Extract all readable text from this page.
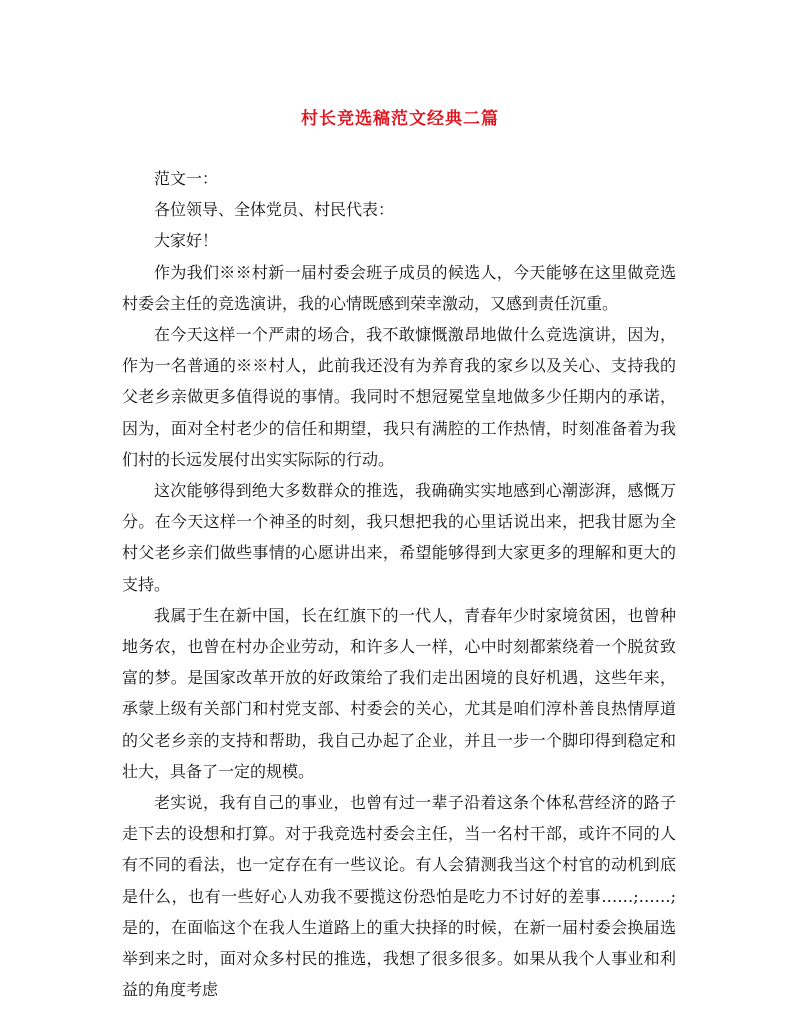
村长竞选稿范文经典二篇

范文一：

各位领导、全体党员、村民代表：

大家好！

作为我们※※村新一届村委会班子成员的候选人，今天能够在这里做竞选村委会主任的竞选演讲，我的心情既感到荣幸激动，又感到责任沉重。

在今天这样一个严肃的场合，我不敢慷慨激昂地做什么竞选演讲，因为，作为一名普通的※※村人，此前我还没有为养育我的家乡以及关心、支持我的父老乡亲做更多值得说的事情。我同时不想冠冕堂皇地做多少任期内的承诺，因为，面对全村老少的信任和期望，我只有满腔的工作热情，时刻准备着为我们村的长远发展付出实实际际的行动。

这次能够得到绝大多数群众的推选，我确确实实地感到心潮澎湃，感慨万分。在今天这样一个神圣的时刻，我只想把我的心里话说出来，把我甘愿为全村父老乡亲们做些事情的心愿讲出来，希望能够得到大家更多的理解和更大的支持。

我属于生在新中国，长在红旗下的一代人，青春年少时家境贫困，也曾种地务农，也曾在村办企业劳动，和许多人一样，心中时刻都萦绕着一个脱贫致富的梦。是国家改革开放的好政策给了我们走出困境的良好机遇，这些年来，承蒙上级有关部门和村党支部、村委会的关心，尤其是咱们淳朴善良热情厚道的父老乡亲的支持和帮助，我自己办起了企业，并且一步一个脚印得到稳定和壮大，具备了一定的规模。

老实说，我有自己的事业，也曾有过一辈子沿着这条个体私营经济的路子走下去的设想和打算。对于我竞选村委会主任，当一名村干部，或许不同的人有不同的看法，也一定存在有一些议论。有人会猜测我当这个村官的动机到底是什么，也有一些好心人劝我不要揽这份恐怕是吃力不讨好的差事……;……;是的，在面临这个在我人生道路上的重大抉择的时候，在新一届村委会换届选举到来之时，面对众多村民的推选，我想了很多很多。如果从我个人事业和利益的角度考虑
